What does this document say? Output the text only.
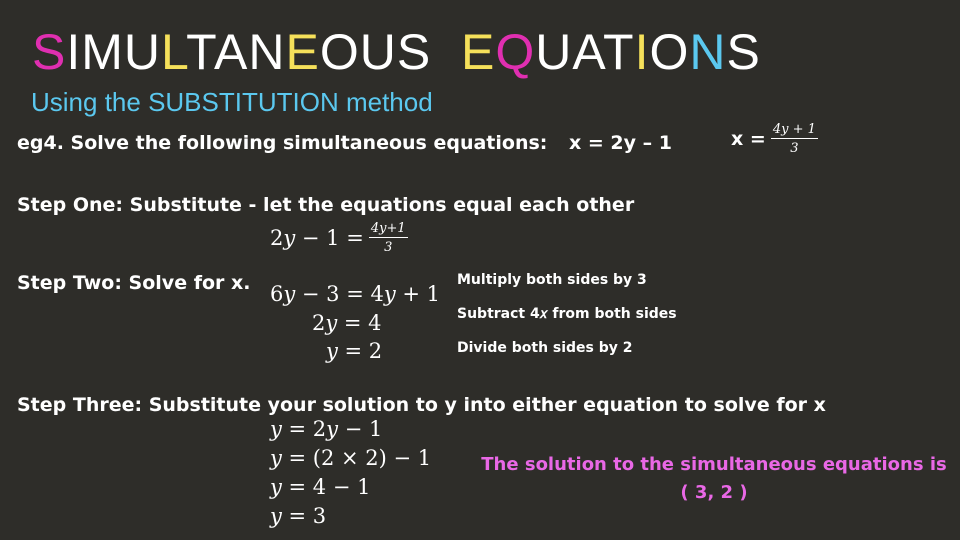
SIMULTANEOUS EQUATIONS
Using the SUBSTITUTION method
eg4. Solve the following simultaneous equations: x = 2y – 1	$x = \frac{\text{4𝑦 + 1}}{3}$
Step One: Substitute - let the equations equal each other
2𝑦 − $1 = \frac{\text{4𝑦+1}}{3}$
Step Two: Solve for x. 6𝑦 − 3 = 4𝑦 + 1
2𝑦 = 4
𝑦 = 2
Multiply both sides by 3
Subtract 4𝑥 from both sides
Divide both sides by 2
Step Three: Substitute your solution to y into either equation to solve for x
𝑦 = 2𝑦 − 1
𝑦 = (2 × 2) − 1
𝑦 = 4 − 1
𝑦 = 3
The solution to the simultaneous equations is
( 3, 2 )
